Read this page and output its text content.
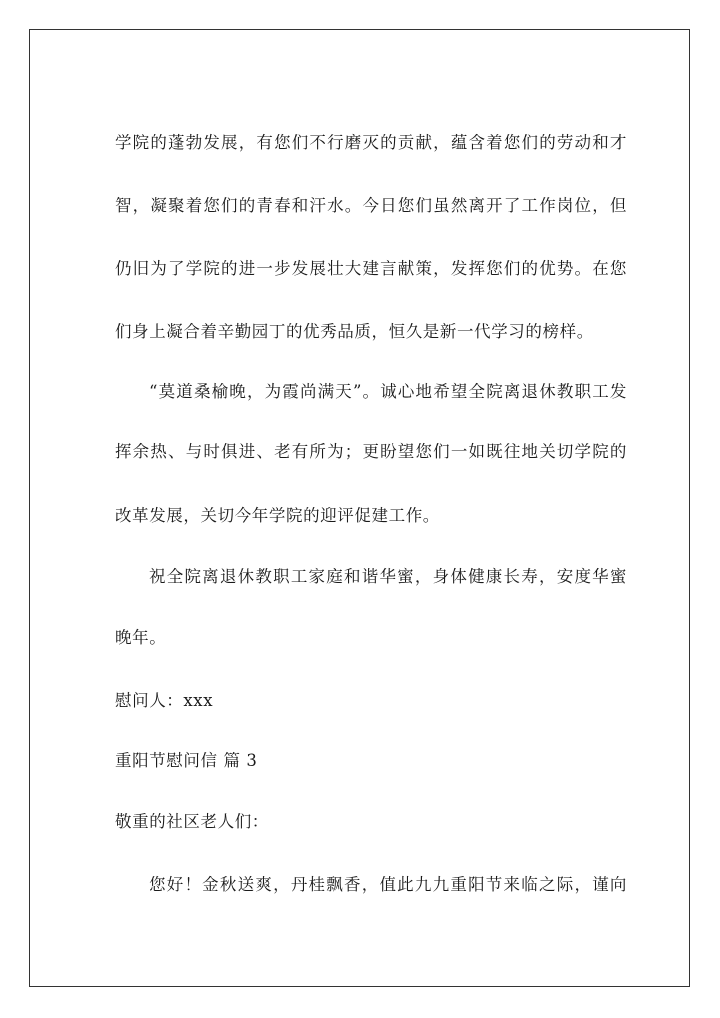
学院的蓬勃发展，有您们不行磨灭的贡献，蕴含着您们的劳动和才
智，凝聚着您们的青春和汗水。今日您们虽然离开了工作岗位，但
仍旧为了学院的进一步发展壮大建言献策，发挥您们的优势。在您
们身上凝合着辛勤园丁的优秀品质，恒久是新一代学习的榜样。
“莫道桑榆晚，为霞尚满天”。诚心地希望全院离退休教职工发
挥余热、与时俱进、老有所为；更盼望您们一如既往地关切学院的
改革发展，关切今年学院的迎评促建工作。
祝全院离退休教职工家庭和谐华蜜，身体健康长寿，安度华蜜
晚年。
慰问人：xxx
重阳节慰问信 篇 3
敬重的社区老人们：
您好！金秋送爽，丹桂飘香，值此九九重阳节来临之际，谨向
